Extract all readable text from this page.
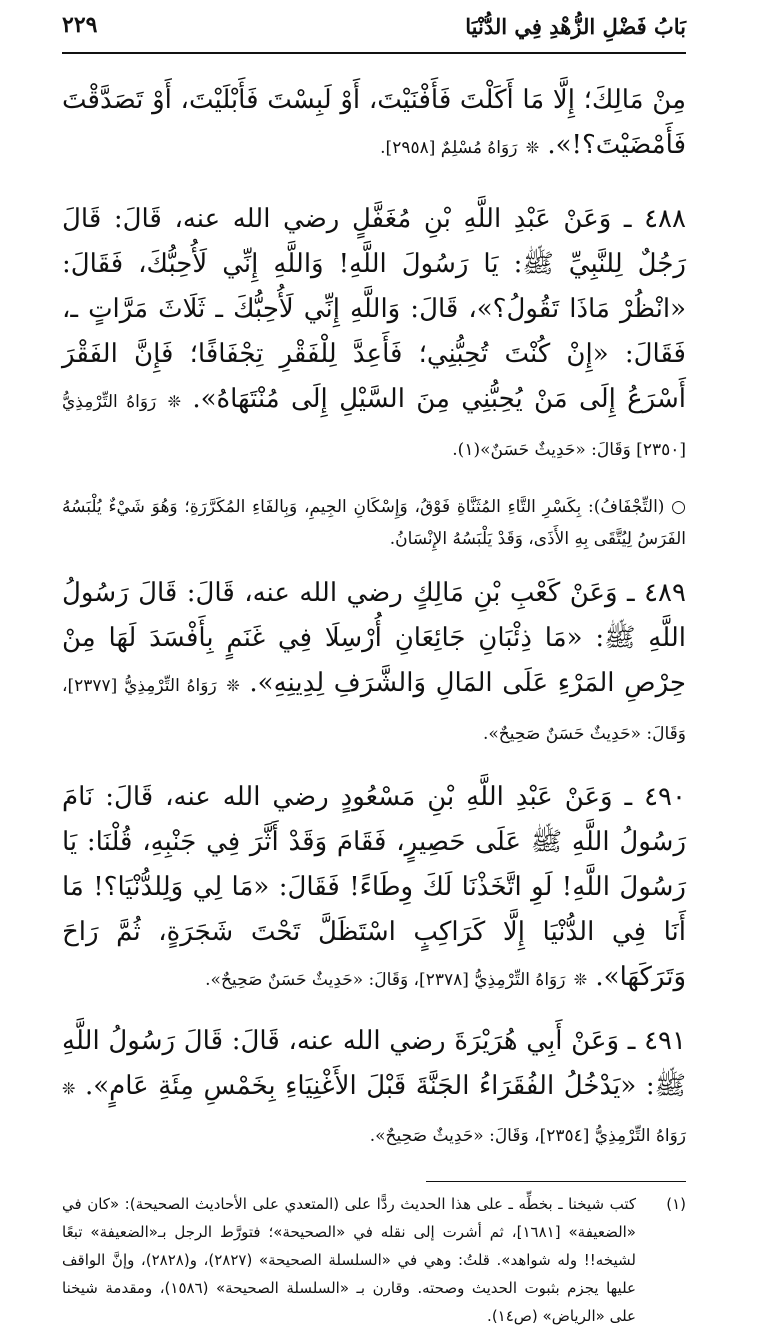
بَابُ فَضْلِ الزُّهْدِ فِي الدُّنْيَا
٢٢٩

مِنْ مَالِكَ؛ إِلَّا مَا أَكَلْتَ فَأَفْنَيْتَ، أَوْ لَبِسْتَ فَأَبْلَيْتَ، أَوْ تَصَدَّقْتَ فَأَمْضَيْتَ؟!». ❊ رَوَاهُ مُسْلِمٌ [٢٩٥٨].

٤٨٨ ـ وَعَنْ عَبْدِ اللَّهِ بْنِ مُغَفَّلٍ رضي الله عنه، قَالَ: قَالَ رَجُلٌ لِلنَّبِيِّ ﷺ: يَا رَسُولَ اللَّهِ! وَاللَّهِ إِنِّي لَأُحِبُّكَ، فَقَالَ: «انْظُرْ مَاذَا تَقُولُ؟»، قَالَ: وَاللَّهِ إِنِّي لَأُحِبُّكَ ـ ثَلَاثَ مَرَّاتٍ ـ، فَقَالَ: «إِنْ كُنْتَ تُحِبُّنِي؛ فَأَعِدَّ لِلْفَقْرِ تِجْفَافًا؛ فَإِنَّ الفَقْرَ أَسْرَعُ إِلَى مَنْ يُحِبُّنِي مِنَ السَّيْلِ إِلَى مُنْتَهَاهُ». ❊ رَوَاهُ التِّرْمِذِيُّ [٢٣٥٠] وَقَالَ: «حَدِيثٌ حَسَنٌ»(١).

○ (التِّجْفَافُ): بِكَسْرِ التَّاءِ المُثَنَّاةِ فَوْقُ، وَإِسْكَانِ الجِيمِ، وَبِالفَاءِ المُكَرَّرَةِ؛ وَهُوَ شَيْءٌ يُلْبَسُهُ الفَرَسُ لِيُتَّقَى بِهِ الأَذَى، وَقَدْ يَلْبَسُهُ الإِنْسَانُ.

٤٨٩ ـ وَعَنْ كَعْبِ بْنِ مَالِكٍ رضي الله عنه، قَالَ: قَالَ رَسُولُ اللَّهِ ﷺ: «مَا ذِئْبَانِ جَائِعَانِ أُرْسِلَا فِي غَنَمٍ بِأَفْسَدَ لَهَا مِنْ حِرْصِ المَرْءِ عَلَى المَالِ وَالشَّرَفِ لِدِينِهِ». ❊ رَوَاهُ التِّرْمِذِيُّ [٢٣٧٧]، وَقَالَ: «حَدِيثٌ حَسَنٌ صَحِيحٌ».

٤٩٠ ـ وَعَنْ عَبْدِ اللَّهِ بْنِ مَسْعُودٍ رضي الله عنه، قَالَ: نَامَ رَسُولُ اللَّهِ ﷺ عَلَى حَصِيرٍ، فَقَامَ وَقَدْ أَثَّرَ فِي جَنْبِهِ، قُلْنَا: يَا رَسُولَ اللَّهِ! لَوِ اتَّخَذْنَا لَكَ وِطَاءً! فَقَالَ: «مَا لِي وَلِلدُّنْيَا؟! مَا أَنَا فِي الدُّنْيَا إِلَّا كَرَاكِبٍ اسْتَظَلَّ تَحْتَ شَجَرَةٍ، ثُمَّ رَاحَ وَتَرَكَهَا». ❊ رَوَاهُ التِّرْمِذِيُّ [٢٣٧٨]، وَقَالَ: «حَدِيثٌ حَسَنٌ صَحِيحٌ».

٤٩١ ـ وَعَنْ أَبِي هُرَيْرَةَ رضي الله عنه، قَالَ: قَالَ رَسُولُ اللَّهِ ﷺ: «يَدْخُلُ الفُقَرَاءُ الجَنَّةَ قَبْلَ الأَغْنِيَاءِ بِخَمْسِ مِئَةِ عَامٍ». ❊ رَوَاهُ التِّرْمِذِيُّ [٢٣٥٤]، وَقَالَ: «حَدِيثٌ صَحِيحٌ».

(١)

كتب شيخنا ـ بخطِّه ـ على هذا الحديث ردًّا على (المتعدي على الأحاديث الصحيحة): «كان في «الضعيفة» [١٦٨١]، ثم أشرت إلى نقله في «الصحيحة»؛ فتورَّط الرجل بـ«الضعيفة» تبعًا لشيخه!! وله شواهد». قلتُ: وهي في «السلسلة الصحيحة» (٢٨٢٧)، و(٢٨٢٨)، وإنَّ الواقف عليها يجزم بثبوت الحديث وصحته. وقارن بـ «السلسلة الصحيحة» (١٥٨٦)، ومقدمة شيخنا على «الرياض» (ص١٤).
